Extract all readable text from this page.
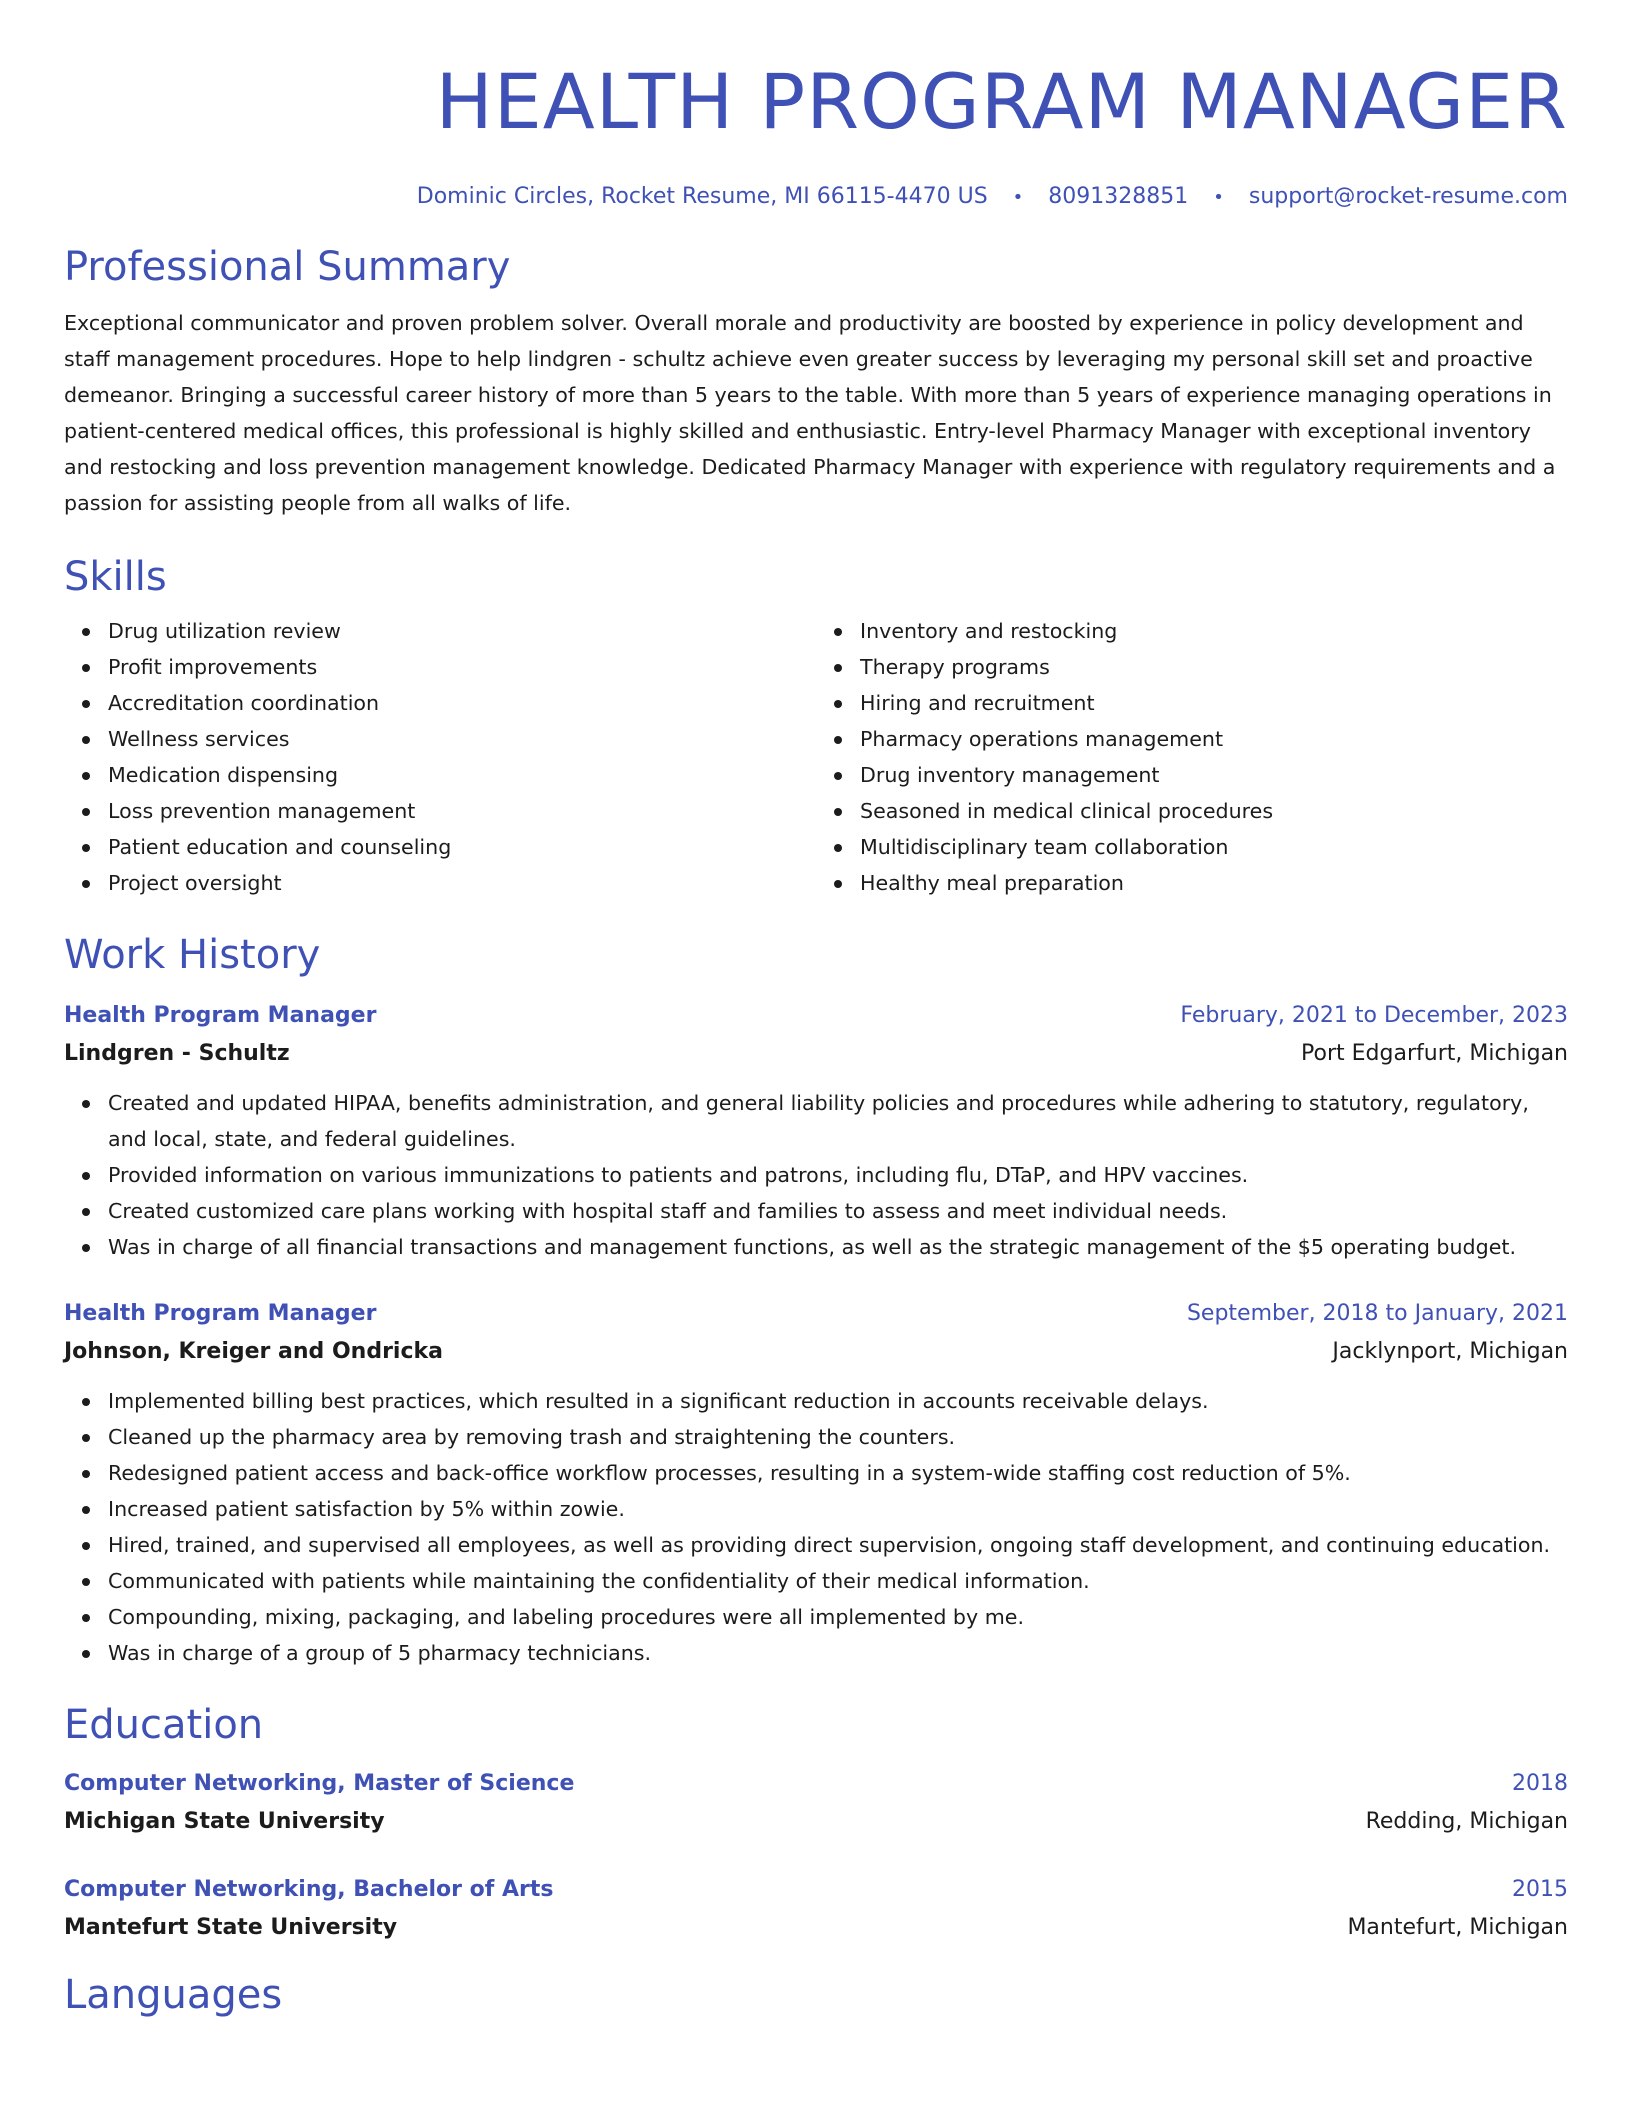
HEALTH PROGRAM MANAGER
Dominic Circles, Rocket Resume, MI 66115-4470 US • 8091328851 • support@rocket-resume.com
Professional Summary

Exceptional communicator and proven problem solver. Overall morale and productivity are boosted by experience in policy development and staff management procedures. Hope to help lindgren - schultz achieve even greater success by leveraging my personal skill set and proactive demeanor. Bringing a successful career history of more than 5 years to the table. With more than 5 years of experience managing operations in patient-centered medical offices, this professional is highly skilled and enthusiastic. Entry-level Pharmacy Manager with exceptional inventory and restocking and loss prevention management knowledge. Dedicated Pharmacy Manager with experience with regulatory requirements and a passion for assisting people from all walks of life.

Skills
Drug utilization review
Profit improvements
Accreditation coordination
Wellness services
Medication dispensing
Loss prevention management
Patient education and counseling
Project oversight
Inventory and restocking
Therapy programs
Hiring and recruitment
Pharmacy operations management
Drug inventory management
Seasoned in medical clinical procedures
Multidisciplinary team collaboration
Healthy meal preparation
Work History
Health Program Manager	February, 2021 to December, 2023
Lindgren - Schultz	Port Edgarfurt, Michigan
Created and updated HIPAA, benefits administration, and general liability policies and procedures while adhering to statutory, regulatory, and local, state, and federal guidelines.
Provided information on various immunizations to patients and patrons, including flu, DTaP, and HPV vaccines.
Created customized care plans working with hospital staff and families to assess and meet individual needs.
Was in charge of all financial transactions and management functions, as well as the strategic management of the $5 operating budget.
Health Program Manager	September, 2018 to January, 2021
Johnson, Kreiger and Ondricka	Jacklynport, Michigan
Implemented billing best practices, which resulted in a significant reduction in accounts receivable delays.
Cleaned up the pharmacy area by removing trash and straightening the counters.
Redesigned patient access and back-office workflow processes, resulting in a system-wide staffing cost reduction of 5%.
Increased patient satisfaction by 5% within zowie.
Hired, trained, and supervised all employees, as well as providing direct supervision, ongoing staff development, and continuing education.
Communicated with patients while maintaining the confidentiality of their medical information.
Compounding, mixing, packaging, and labeling procedures were all implemented by me.
Was in charge of a group of 5 pharmacy technicians.
Education
Computer Networking, Master of Science	2018
Michigan State University	Redding, Michigan
Computer Networking, Bachelor of Arts	2015
Mantefurt State University	Mantefurt, Michigan
Languages
